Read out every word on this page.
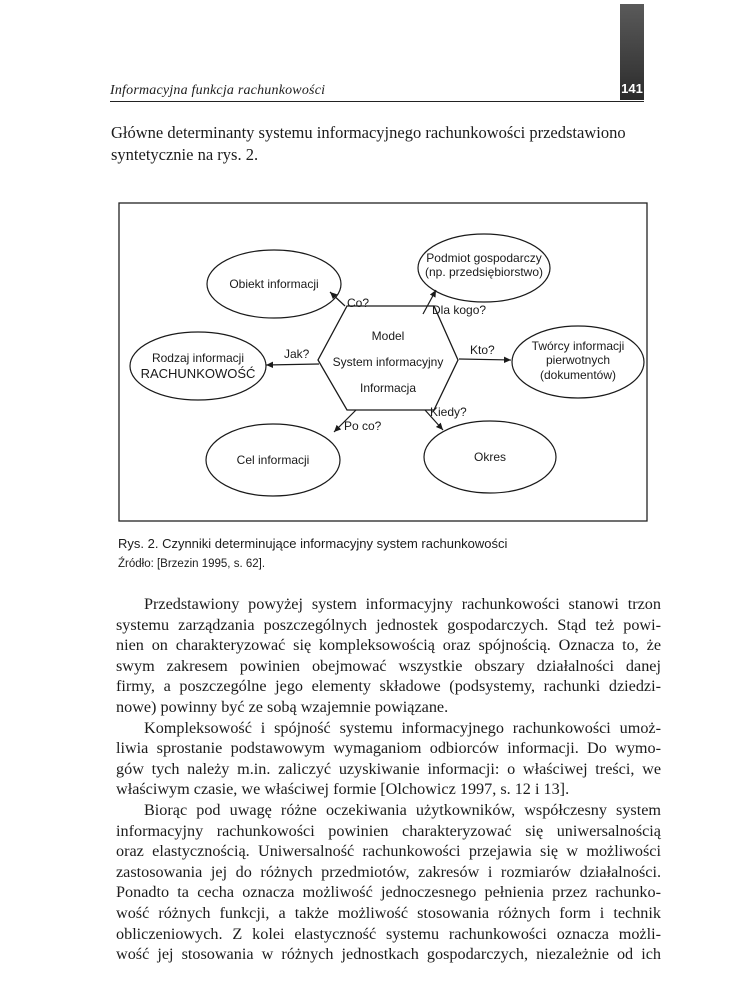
141
Informacyjna funkcja rachunkowości
Główne determinanty systemu informacyjnego rachunkowości przedstawiono
syntetycznie na rys. 2.
Model
System informacyjny
Informacja
Obiekt informacji
Podmiot gospodarczy
(np. przedsiębiorstwo)
Rodzaj informacji
RACHUNKOWOŚĆ
Twórcy informacji
pierwotnych
(dokumentów)
Cel informacji	Okres
Co?	Dla kogo?
Jak?	Kto?
Po co?
Kiedy?
Rys. 2. Czynniki determinujące informacyjny system rachunkowości
Źródło: [Brzezin 1995, s. 62].
Przedstawiony powyżej system informacyjny rachunkowości stanowi trzon
systemu zarządzania poszczególnych jednostek gospodarczych. Stąd też powi-
nien on charakteryzować się kompleksowością oraz spójnością. Oznacza to, że
swym zakresem powinien obejmować wszystkie obszary działalności danej
firmy, a poszczególne jego elementy składowe (podsystemy, rachunki dziedzi-
nowe) powinny być ze sobą wzajemnie powiązane.
Kompleksowość i spójność systemu informacyjnego rachunkowości umoż-
liwia sprostanie podstawowym wymaganiom odbiorców informacji. Do wymo-
gów tych należy m.in. zaliczyć uzyskiwanie informacji: o właściwej treści, we
właściwym czasie, we właściwej formie [Olchowicz 1997, s. 12 i 13].
Biorąc pod uwagę różne oczekiwania użytkowników, współczesny system
informacyjny rachunkowości powinien charakteryzować się uniwersalnością
oraz elastycznością. Uniwersalność rachunkowości przejawia się w możliwości
zastosowania jej do różnych przedmiotów, zakresów i rozmiarów działalności.
Ponadto ta cecha oznacza możliwość jednoczesnego pełnienia przez rachunko-
wość różnych funkcji, a także możliwość stosowania różnych form i technik
obliczeniowych. Z kolei elastyczność systemu rachunkowości oznacza możli-
wość jej stosowania w różnych jednostkach gospodarczych, niezależnie od ich
